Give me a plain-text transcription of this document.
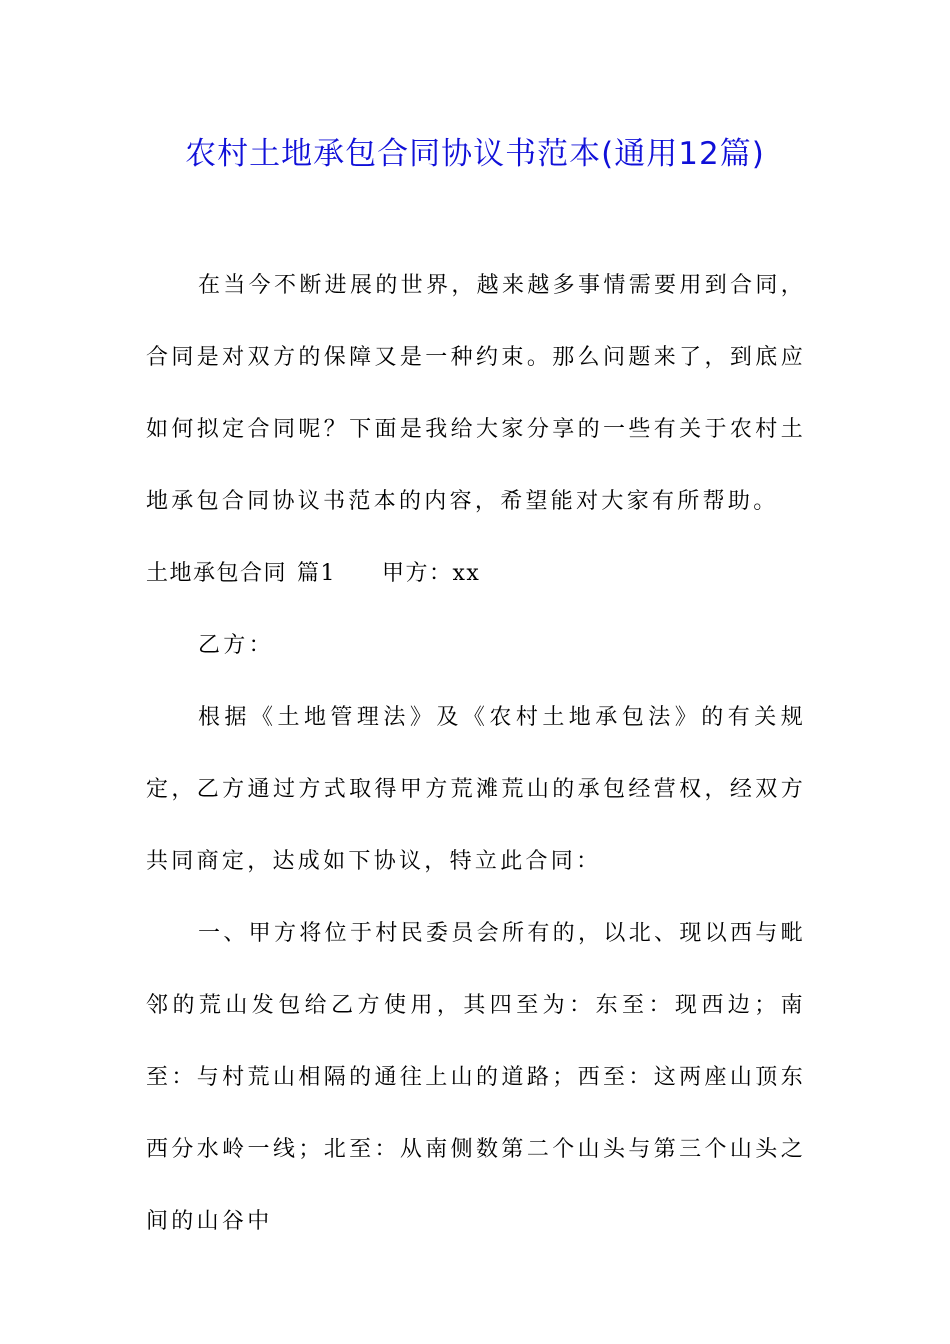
农村土地承包合同协议书范本(通用12篇)

在当今不断进展的世界，越来越多事情需要用到合同，合同是对双方的保障又是一种约束。那么问题来了，到底应如何拟定合同呢？下面是我给大家分享的一些有关于农村土地承包合同协议书范本的内容，希望能对大家有所帮助。

土地承包合同 篇1 甲方：xx

乙方：

根据《土地管理法》及《农村土地承包法》的有关规定，乙方通过方式取得甲方荒滩荒山的承包经营权，经双方共同商定，达成如下协议，特立此合同：

一、甲方将位于村民委员会所有的，以北、现以西与毗邻的荒山发包给乙方使用，其四至为：东至：现西边；南至：与村荒山相隔的通往上山的道路；西至：这两座山顶东西分水岭一线；北至：从南侧数第二个山头与第三个山头之间的山谷中
